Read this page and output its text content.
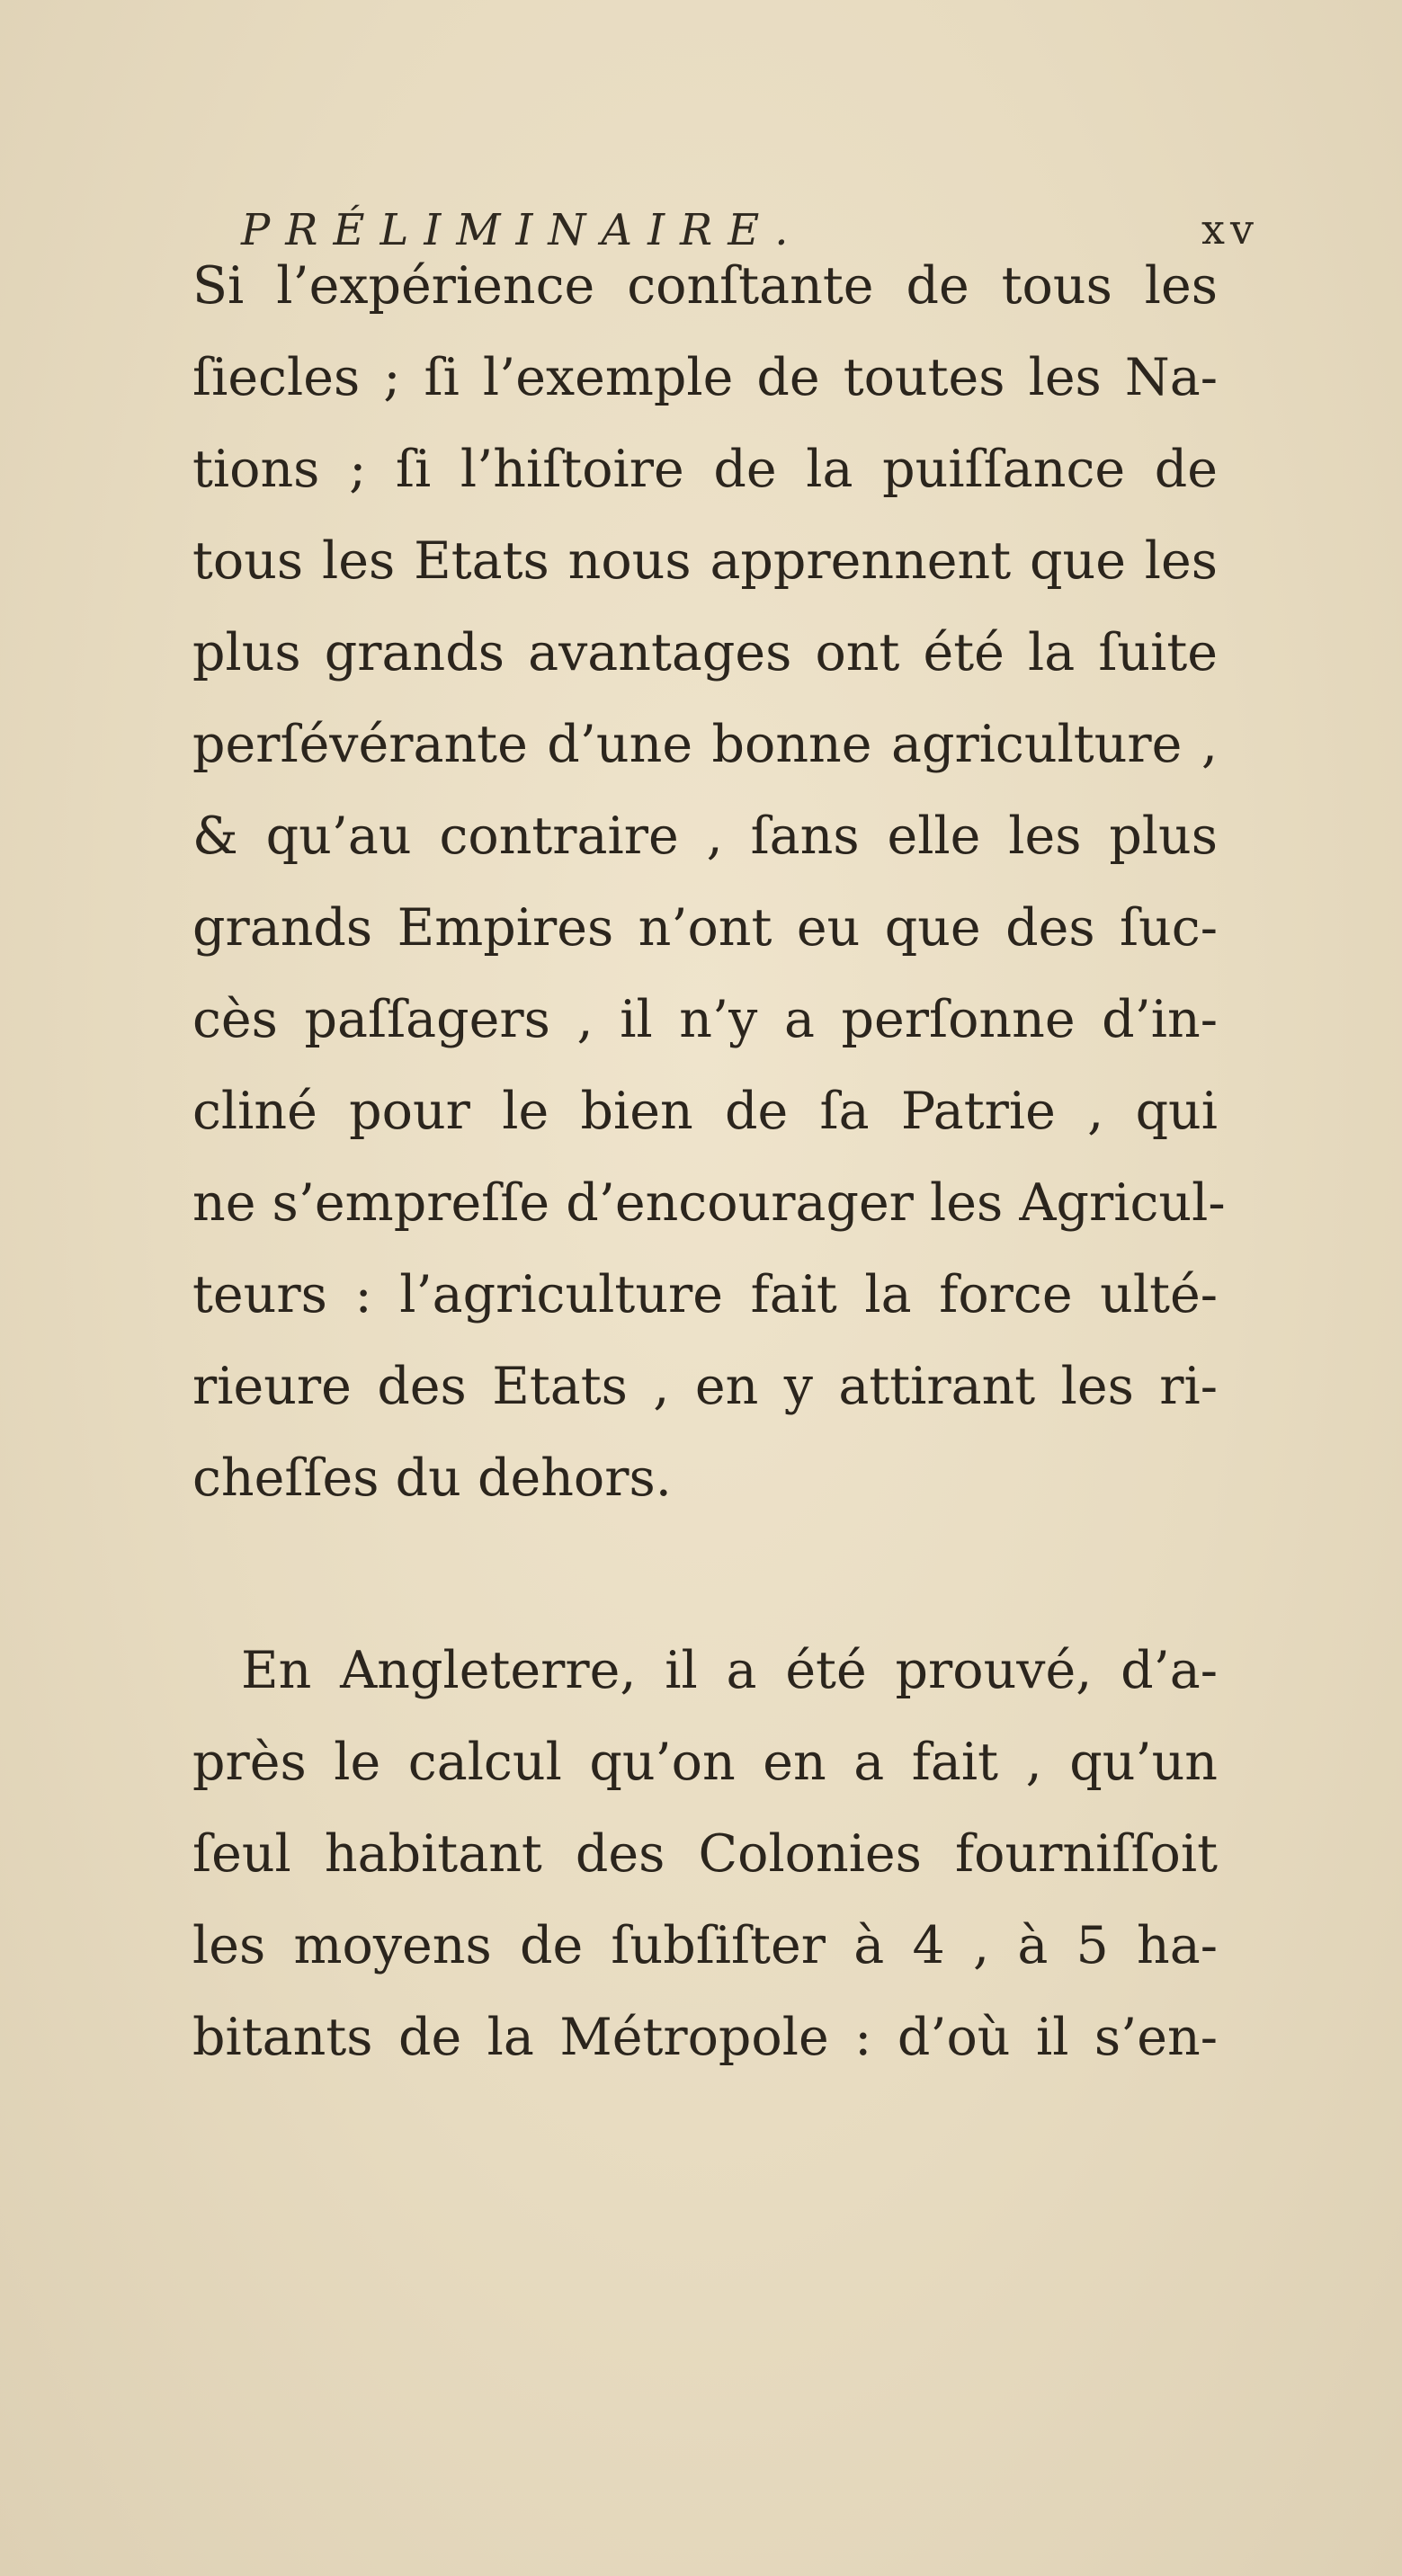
PRÉLIMINAIRE.	xv
Si l’expérience conſtante de tous les
ſiecles ; ſi l’exemple de toutes les Na-
tions ; ſi l’hiſtoire de la puiſſance de
tous les Etats nous apprennent que les
plus grands avantages ont été la ſuite
perſévérante d’une bonne agriculture ,
& qu’au contraire , ſans elle les plus
grands Empires n’ont eu que des ſuc-
cès paſſagers , il n’y a perſonne d’in-
cliné pour le bien de ſa Patrie , qui
ne s’empreſſe d’encourager les Agricul-
teurs : l’agriculture fait la force ulté-
rieure des Etats , en y attirant les ri-
cheſſes du dehors.
En Angleterre, il a été prouvé, d’a-
près le calcul qu’on en a fait , qu’un
ſeul habitant des Colonies fourniſſoit
les moyens de ſubſiſter à 4 , à 5 ha-
bitants de la Métropole : d’où il s’en-
